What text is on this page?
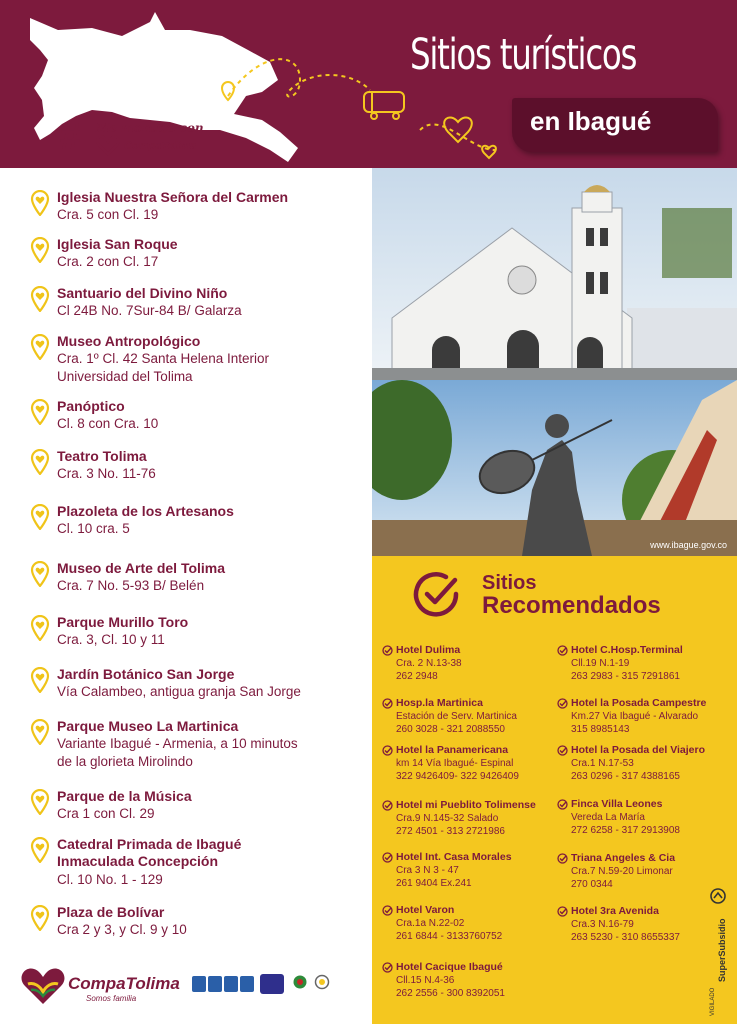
Sitios turísticos
en Ibagué
# Me montizo con
CompaTolima
Iglesia Nuestra Señora del Carmen
Cra. 5 con Cl. 19
Iglesia San Roque
Cra. 2 con Cl. 17
Santuario del Divino Niño
Cl 24B No. 7Sur-84 B/ Galarza
Museo Antropológico
Cra. 1º Cl. 42 Santa Helena Interior
Universidad del Tolima
Panóptico
Cl. 8 con Cra. 10
Teatro Tolima
Cra. 3 No. 11-76
Plazoleta de los Artesanos
Cl. 10 cra. 5
Museo de Arte del Tolima
Cra. 7 No. 5-93 B/ Belén
Parque Murillo Toro
Cra. 3, Cl. 10 y 11
Jardín Botánico San Jorge
Vía Calambeo, antigua granja San Jorge
Parque Museo La Martinica
Variante Ibagué - Armenia, a 10 minutos
de la glorieta Mirolindo
Parque de la Música
Cra 1 con Cl. 29
Catedral Primada de Ibagué
Inmaculada Concepción
Cl. 10 No. 1 - 129
Plaza de Bolívar
Cra 2 y 3, y Cl. 9 y 10
www.ibague.gov.co
Sitios
Recomendados
Hotel Dulima
Cra. 2 N.13-38
262 2948
Hosp.la Martinica
Estación de Serv. Martinica
260 3028 - 321 2088550
Hotel la Panamericana
km 14 Vía Ibagué- Espinal
322 9426409- 322 9426409
Hotel mi Pueblito Tolimense
Cra.9 N.145-32 Salado
272 4501 - 313 2721986
Hotel Int. Casa Morales
Cra 3 N 3 - 47
261 9404 Ex.241
Hotel Varon
Cra.1a N.22-02
261 6844 - 3133760752
Hotel Cacique Ibagué
Cll.15 N.4-36
262 2556 - 300 8392051
Hotel C.Hosp.Terminal
Cll.19 N.1-19
263 2983 - 315 7291861
Hotel la Posada Campestre
Km.27 Via Ibagué - Alvarado
315 8985143
Hotel la Posada del Viajero
Cra.1 N.17-53
263 0296 - 317 4388165
Finca Villa Leones
Vereda La María
272 6258 - 317 2913908
Triana Angeles & Cia
Cra.7 N.59-20 Limonar
270 0344
Hotel 3ra Avenida
Cra.3 N.16-79
263 5230 - 310 8655337
VIGILADO
SuperSubsidio
CompaTolima
Somos familia
